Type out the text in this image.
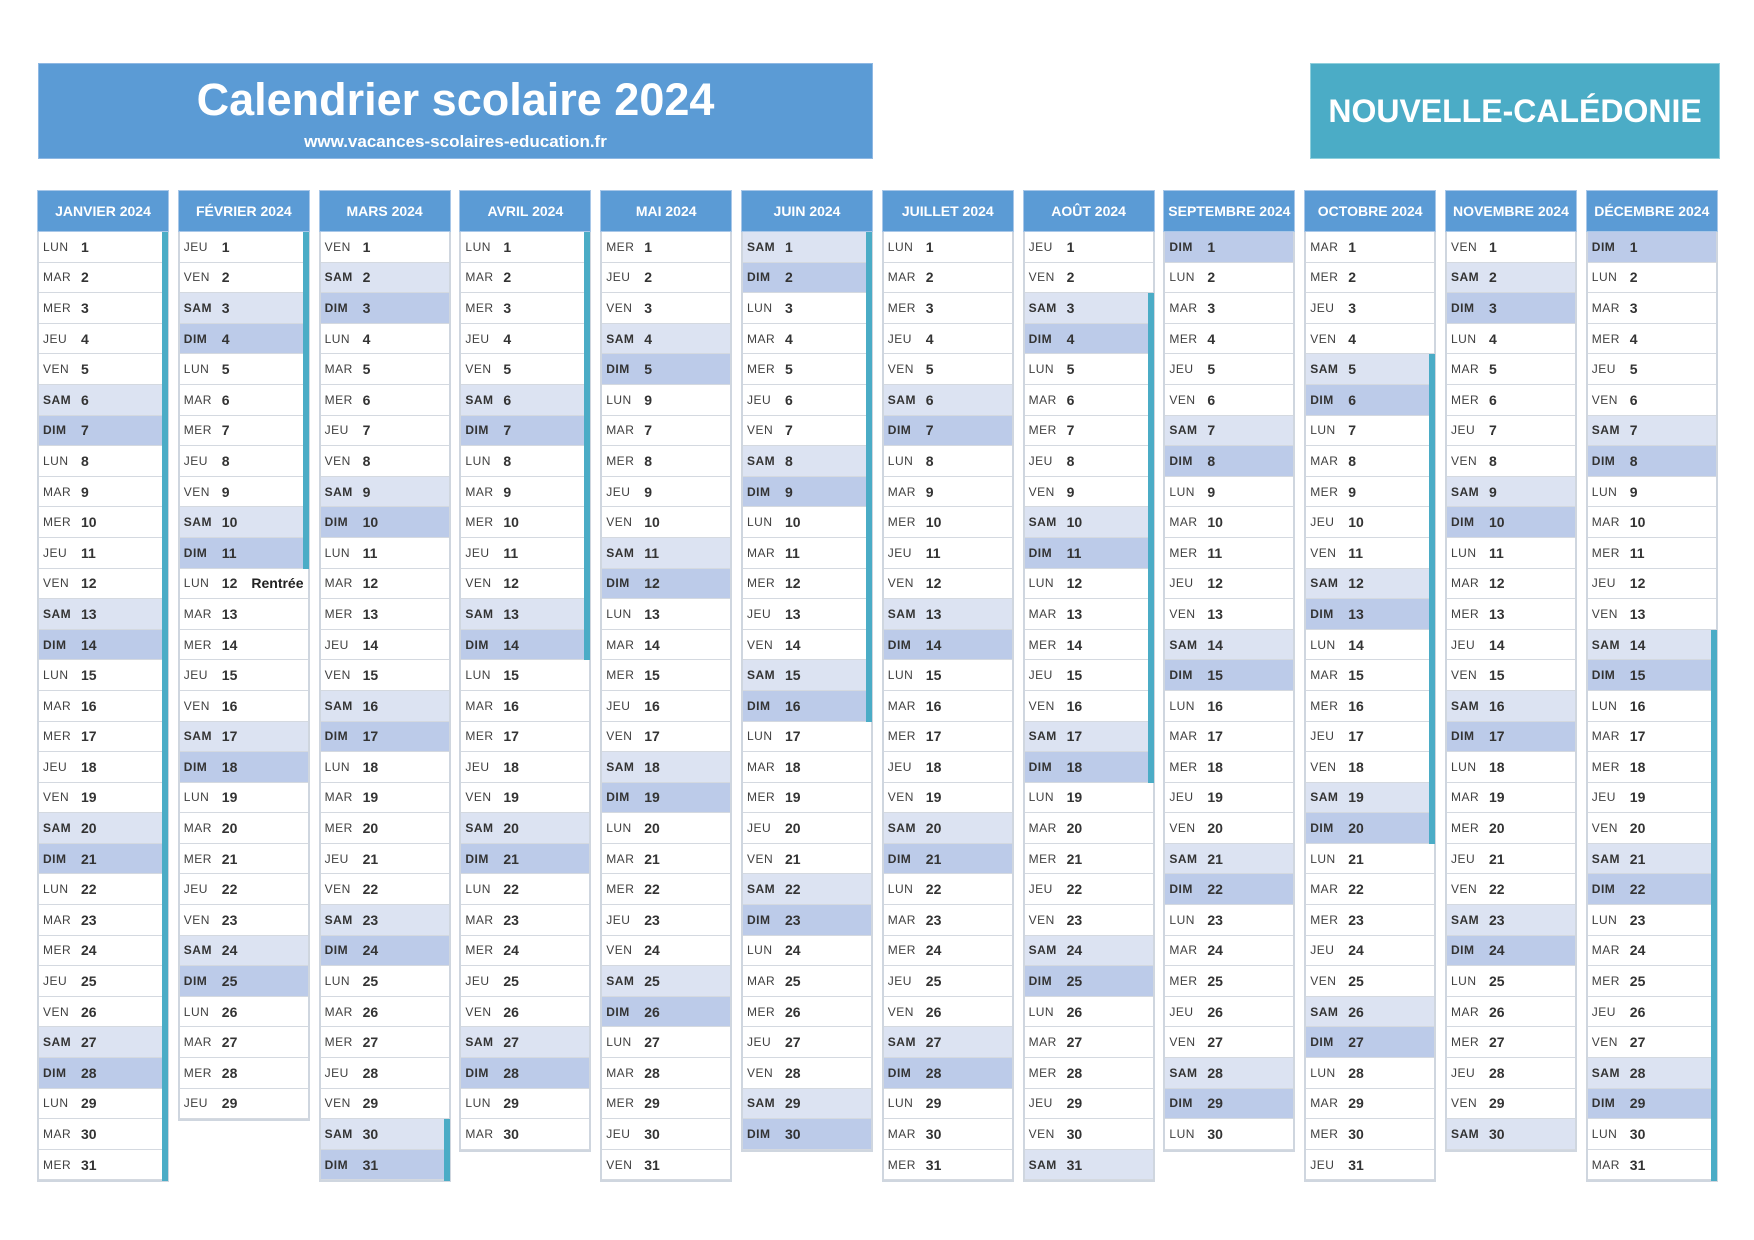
Calendrier scolaire 2024
www.vacances-scolaires-education.fr
NOUVELLE-CALÉDONIE
JANVIER 2024
LUN 1
MAR 2
MER 3
JEU 4
VEN 5
SAM 6
DIM	7
LUN 8
MAR 9
MER 10
JEU 11
VEN 12
SAM 13
DIM	14
LUN 15
MAR 16
MER 17
JEU 18
VEN 19
SAM 20
DIM	21
LUN 22
MAR 23
MER 24
JEU 25
VEN 26
SAM 27
DIM	28
LUN 29
MAR 30
MER 31
FÉVRIER 2024
JEU 1
VEN 2
SAM 3
DIM	4
LUN 5
MAR 6
MER 7
JEU 8
VEN 9
SAM 10
DIM	11
LUN 12 Rentrée
MAR 13
MER 14
JEU 15
VEN 16
SAM 17
DIM	18
LUN 19
MAR 20
MER 21
JEU 22
VEN 23
SAM 24
DIM	25
LUN 26
MAR 27
MER 28
JEU 29
MARS 2024
VEN 1
SAM 2
DIM	3
LUN 4
MAR 5
MER 6
JEU 7
VEN 8
SAM 9
DIM	10
LUN 11
MAR 12
MER 13
JEU 14
VEN 15
SAM 16
DIM	17
LUN 18
MAR 19
MER 20
JEU 21
VEN 22
SAM 23
DIM	24
LUN 25
MAR 26
MER 27
JEU 28
VEN 29
SAM 30
DIM	31
AVRIL 2024
LUN 1
MAR 2
MER 3
JEU 4
VEN 5
SAM 6
DIM	7
LUN 8
MAR 9
MER 10
JEU 11
VEN 12
SAM 13
DIM	14
LUN 15
MAR 16
MER 17
JEU 18
VEN 19
SAM 20
DIM	21
LUN 22
MAR 23
MER 24
JEU 25
VEN 26
SAM 27
DIM	28
LUN 29
MAR 30
MAI 2024
MER 1
JEU 2
VEN 3
SAM 4
DIM	5
LUN 9
MAR 7
MER 8
JEU 9
VEN 10
SAM 11
DIM	12
LUN 13
MAR 14
MER 15
JEU 16
VEN 17
SAM 18
DIM	19
LUN 20
MAR 21
MER 22
JEU 23
VEN 24
SAM 25
DIM	26
LUN 27
MAR 28
MER 29
JEU 30
VEN 31
JUIN 2024
SAM 1
DIM	2
LUN 3
MAR 4
MER 5
JEU 6
VEN 7
SAM 8
DIM	9
LUN 10
MAR 11
MER 12
JEU 13
VEN 14
SAM 15
DIM	16
LUN 17
MAR 18
MER 19
JEU 20
VEN 21
SAM 22
DIM	23
LUN 24
MAR 25
MER 26
JEU 27
VEN 28
SAM 29
DIM	30
JUILLET 2024
LUN 1
MAR 2
MER 3
JEU 4
VEN 5
SAM 6
DIM	7
LUN 8
MAR 9
MER 10
JEU 11
VEN 12
SAM 13
DIM	14
LUN 15
MAR 16
MER 17
JEU 18
VEN 19
SAM 20
DIM	21
LUN 22
MAR 23
MER 24
JEU 25
VEN 26
SAM 27
DIM	28
LUN 29
MAR 30
MER 31
AOÛT 2024
JEU 1
VEN 2
SAM 3
DIM	4
LUN 5
MAR 6
MER 7
JEU 8
VEN 9
SAM 10
DIM	11
LUN 12
MAR 13
MER 14
JEU 15
VEN 16
SAM 17
DIM	18
LUN 19
MAR 20
MER 21
JEU 22
VEN 23
SAM 24
DIM	25
LUN 26
MAR 27
MER 28
JEU 29
VEN 30
SAM 31
SEPTEMBRE 2024
DIM	1
LUN 2
MAR 3
MER 4
JEU 5
VEN 6
SAM 7
DIM	8
LUN 9
MAR 10
MER 11
JEU 12
VEN 13
SAM 14
DIM	15
LUN 16
MAR 17
MER 18
JEU 19
VEN 20
SAM 21
DIM	22
LUN 23
MAR 24
MER 25
JEU 26
VEN 27
SAM 28
DIM	29
LUN 30
OCTOBRE 2024
MAR 1
MER 2
JEU 3
VEN 4
SAM 5
DIM	6
LUN 7
MAR 8
MER 9
JEU 10
VEN 11
SAM 12
DIM	13
LUN 14
MAR 15
MER 16
JEU 17
VEN 18
SAM 19
DIM	20
LUN 21
MAR 22
MER 23
JEU 24
VEN 25
SAM 26
DIM	27
LUN 28
MAR 29
MER 30
JEU 31
NOVEMBRE 2024
VEN 1
SAM 2
DIM	3
LUN 4
MAR 5
MER 6
JEU 7
VEN 8
SAM 9
DIM	10
LUN 11
MAR 12
MER 13
JEU 14
VEN 15
SAM 16
DIM	17
LUN 18
MAR 19
MER 20
JEU 21
VEN 22
SAM 23
DIM	24
LUN 25
MAR 26
MER 27
JEU 28
VEN 29
SAM 30
DÉCEMBRE 2024
DIM	1
LUN 2
MAR 3
MER 4
JEU 5
VEN 6
SAM 7
DIM	8
LUN 9
MAR 10
MER 11
JEU 12
VEN 13
SAM 14
DIM	15
LUN 16
MAR 17
MER 18
JEU 19
VEN 20
SAM 21
DIM	22
LUN 23
MAR 24
MER 25
JEU 26
VEN 27
SAM 28
DIM	29
LUN 30
MAR 31
